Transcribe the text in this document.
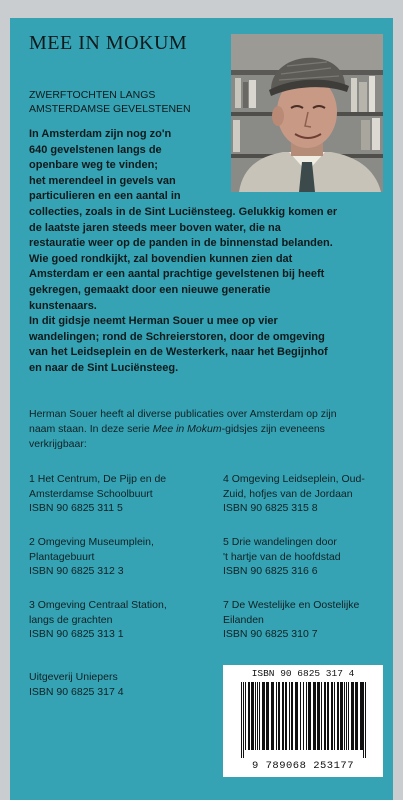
MEE IN MOKUM
ZWERFTOCHTEN LANGS
AMSTERDAMSE GEVELSTENEN

In Amsterdam zijn nog zo'n
640 gevelstenen langs de
openbare weg te vinden;
het merendeel in gevels van
particulieren en een aantal in
collecties, zoals in de Sint Luciënsteeg. Gelukkig komen er
de laatste jaren steeds meer boven water, die na
restauratie weer op de panden in de binnenstad belanden.
Wie goed rondkijkt, zal bovendien kunnen zien dat
Amsterdam er een aantal prachtige gevelstenen bij heeft
gekregen, gemaakt door een nieuwe generatie
kunstenaars.

In dit gidsje neemt Herman Souer u mee op vier
wandelingen; rond de Schreierstoren, door de omgeving
van het Leidseplein en de Westerkerk, naar het Begijnhof
en naar de Sint Luciënsteeg.

Herman Souer heeft al diverse publicaties over Amsterdam op zijn
naam staan. In deze serie Mee in Mokum-gidsjes zijn eveneens
verkrijgbaar:
1 Het Centrum, De Pijp en de
Amsterdamse Schoolbuurt
ISBN 90 6825 311 5
4 Omgeving Leidseplein, Oud-
Zuid, hofjes van de Jordaan
ISBN 90 6825 315 8
2 Omgeving Museumplein,
Plantagebuurt
ISBN 90 6825 312 3
5 Drie wandelingen door
't hartje van de hoofdstad
ISBN 90 6825 316 6
3 Omgeving Centraal Station,
langs de grachten
ISBN 90 6825 313 1
7 De Westelijke en Oostelijke
Eilanden
ISBN 90 6825 310 7
Uitgeverij Uniepers
ISBN 90 6825 317 4
ISBN 90 6825 317 4
9 789068 253177
